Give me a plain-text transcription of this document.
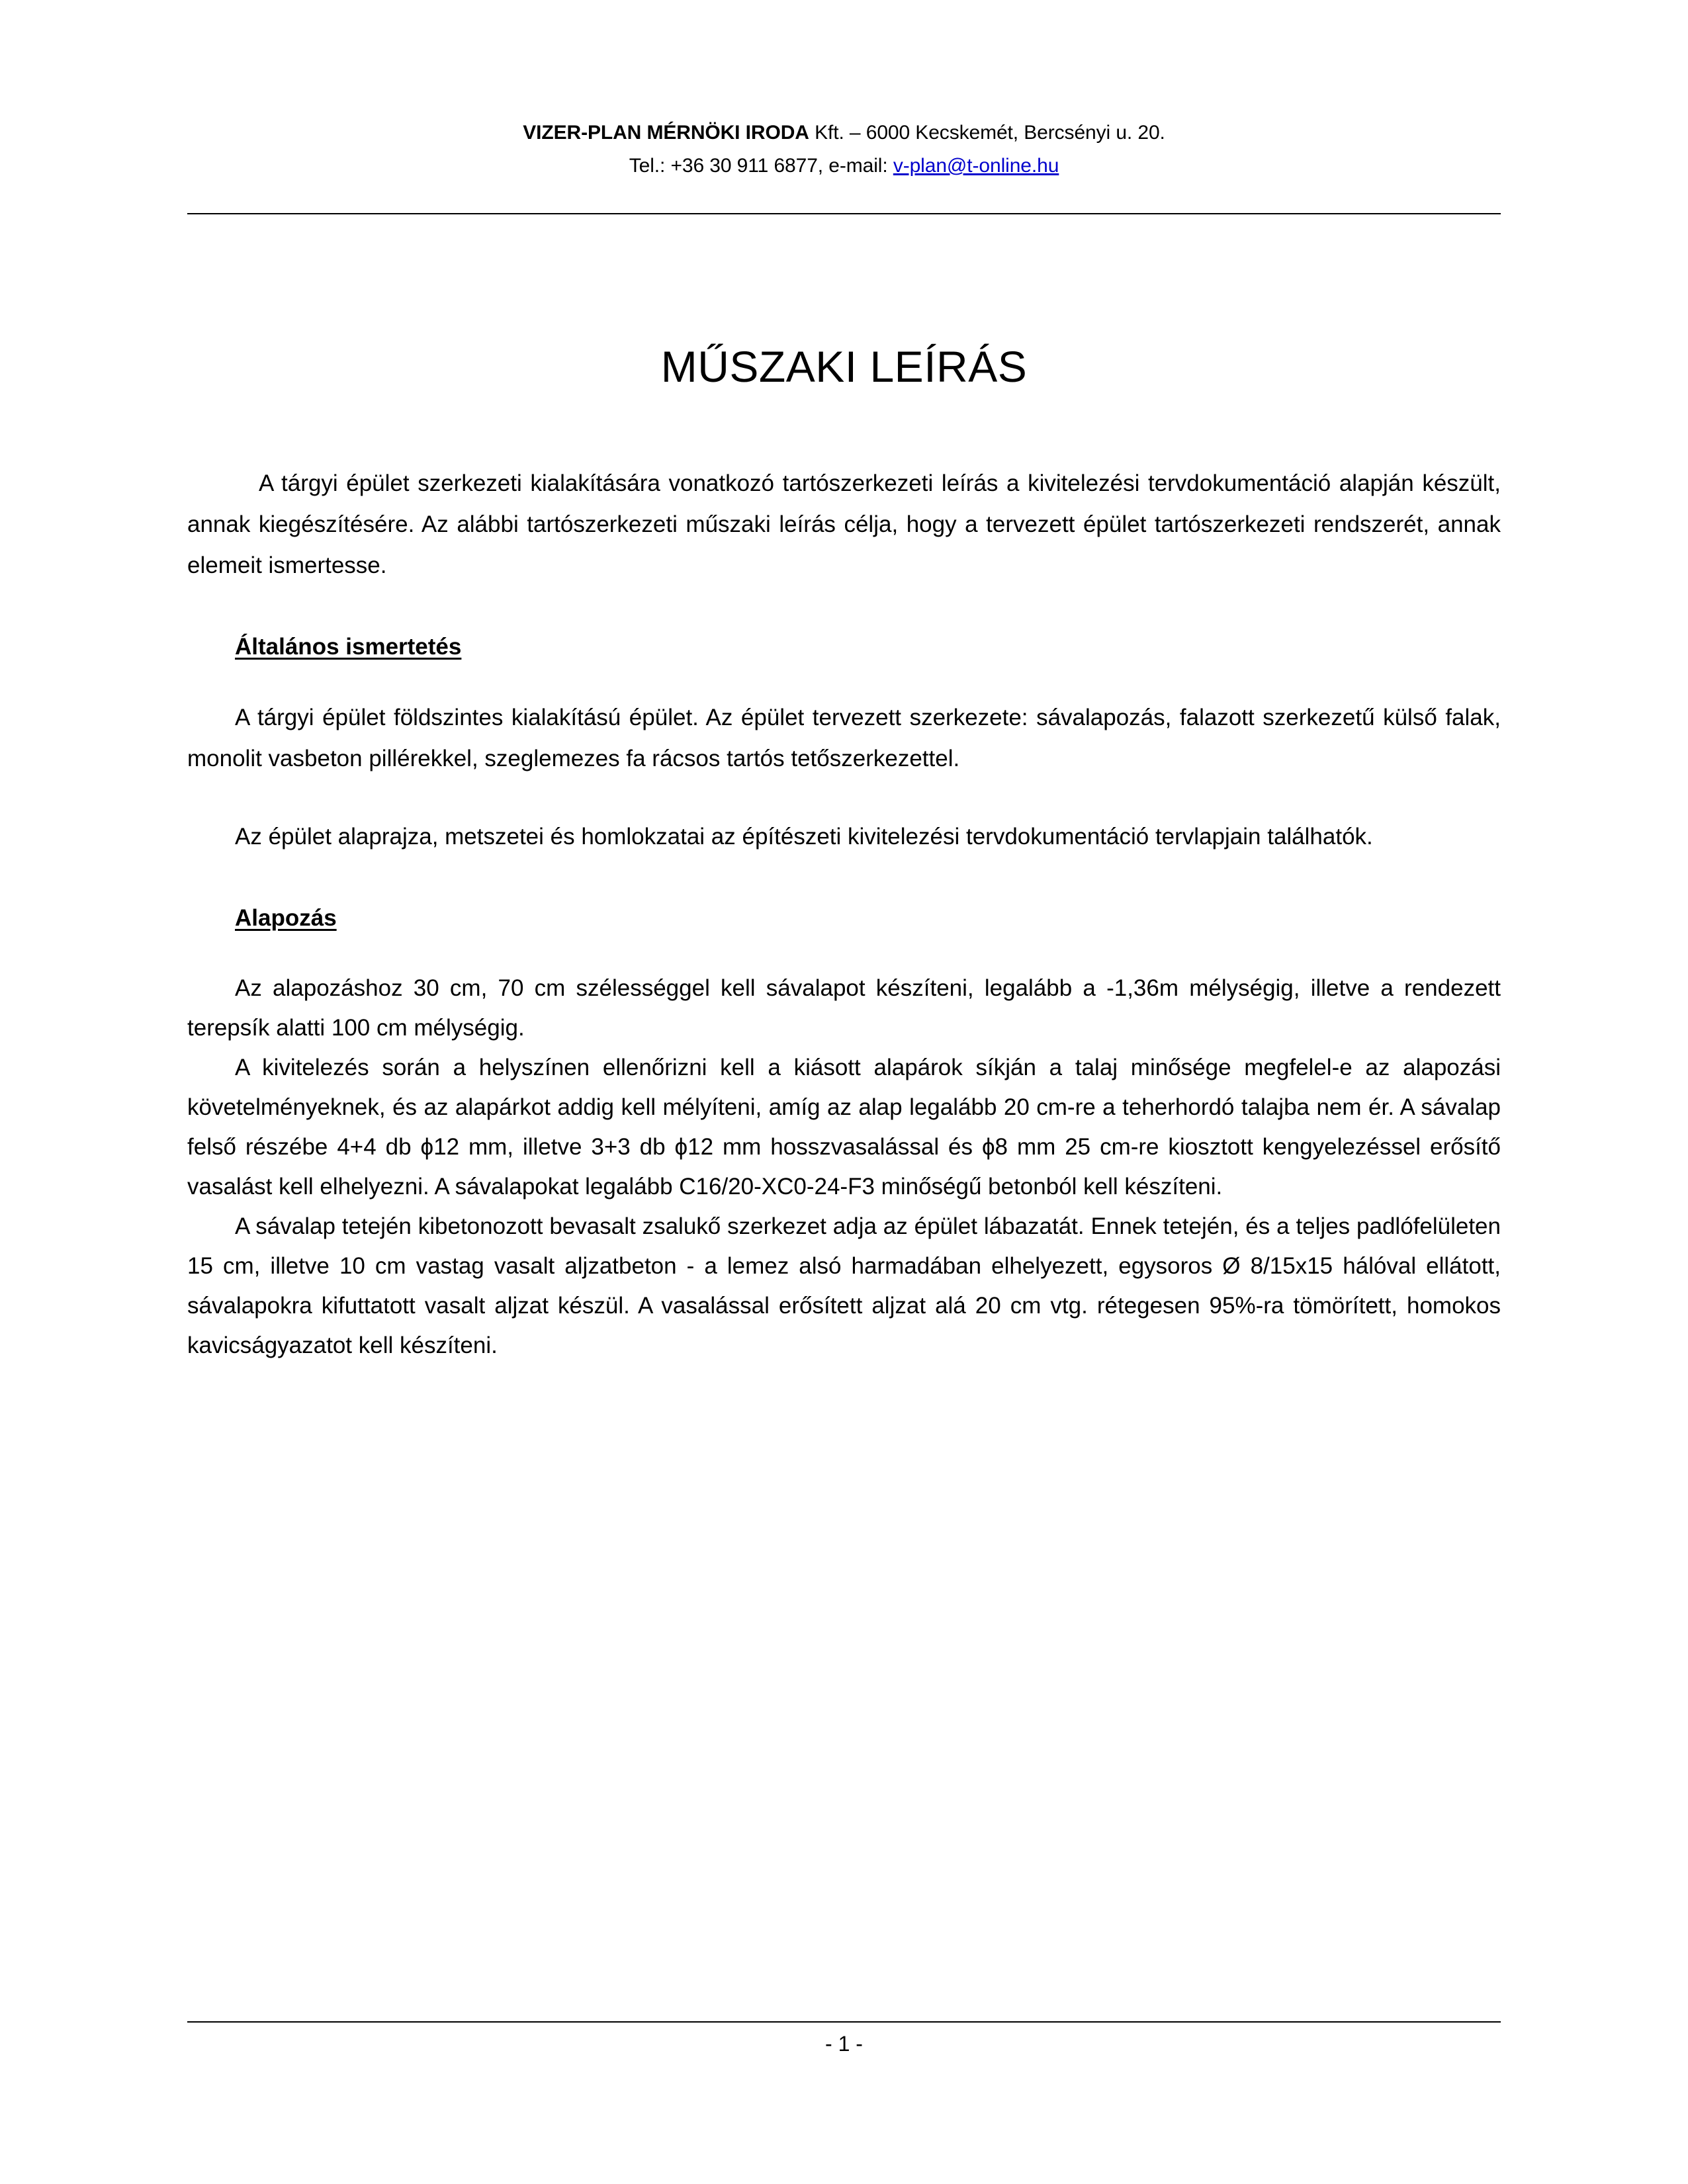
VIZER-PLAN MÉRNÖKI IRODA Kft. – 6000 Kecskemét, Bercsényi u. 20.
Tel.: +36 30 911 6877, e-mail: v-plan@t-online.hu
MŰSZAKI LEÍRÁS

A tárgyi épület szerkezeti kialakítására vonatkozó tartószerkezeti leírás a kivitelezési tervdokumentáció alapján készült, annak kiegészítésére. Az alábbi tartószerkezeti műszaki leírás célja, hogy a tervezett épület tartószerkezeti rendszerét, annak elemeit ismertesse.

Általános ismertetés

A tárgyi épület földszintes kialakítású épület. Az épület tervezett szerkezete: sávalapozás, falazott szerkezetű külső falak, monolit vasbeton pillérekkel, szeglemezes fa rácsos tartós tetőszerkezettel.

Az épület alaprajza, metszetei és homlokzatai az építészeti kivitelezési tervdokumentáció tervlapjain találhatók.

Alapozás

Az alapozáshoz 30 cm, 70 cm szélességgel kell sávalapot készíteni, legalább a -1,36m mélységig, illetve a rendezett terepsík alatti 100 cm mélységig.

A kivitelezés során a helyszínen ellenőrizni kell a kiásott alapárok síkján a talaj minősége megfelel-e az alapozási követelményeknek, és az alapárkot addig kell mélyíteni, amíg az alap legalább 20 cm-re a teherhordó talajba nem ér. A sávalap felső részébe 4+4 db ϕ12 mm, illetve 3+3 db ϕ12 mm hosszvasalással és ϕ8 mm 25 cm-re kiosztott kengyelezéssel erősítő vasalást kell elhelyezni. A sávalapokat legalább C16/20-XC0-24-F3 minőségű betonból kell készíteni.

A sávalap tetején kibetonozott bevasalt zsalukő szerkezet adja az épület lábazatát. Ennek tetején, és a teljes padlófelületen 15 cm, illetve 10 cm vastag vasalt aljzatbeton - a lemez alsó harmadában elhelyezett, egysoros Ø 8/15x15 hálóval ellátott, sávalapokra kifuttatott vasalt aljzat készül. A vasalással erősített aljzat alá 20 cm vtg. rétegesen 95%-ra tömörített, homokos kavicságyazatot kell készíteni.

- 1 -
